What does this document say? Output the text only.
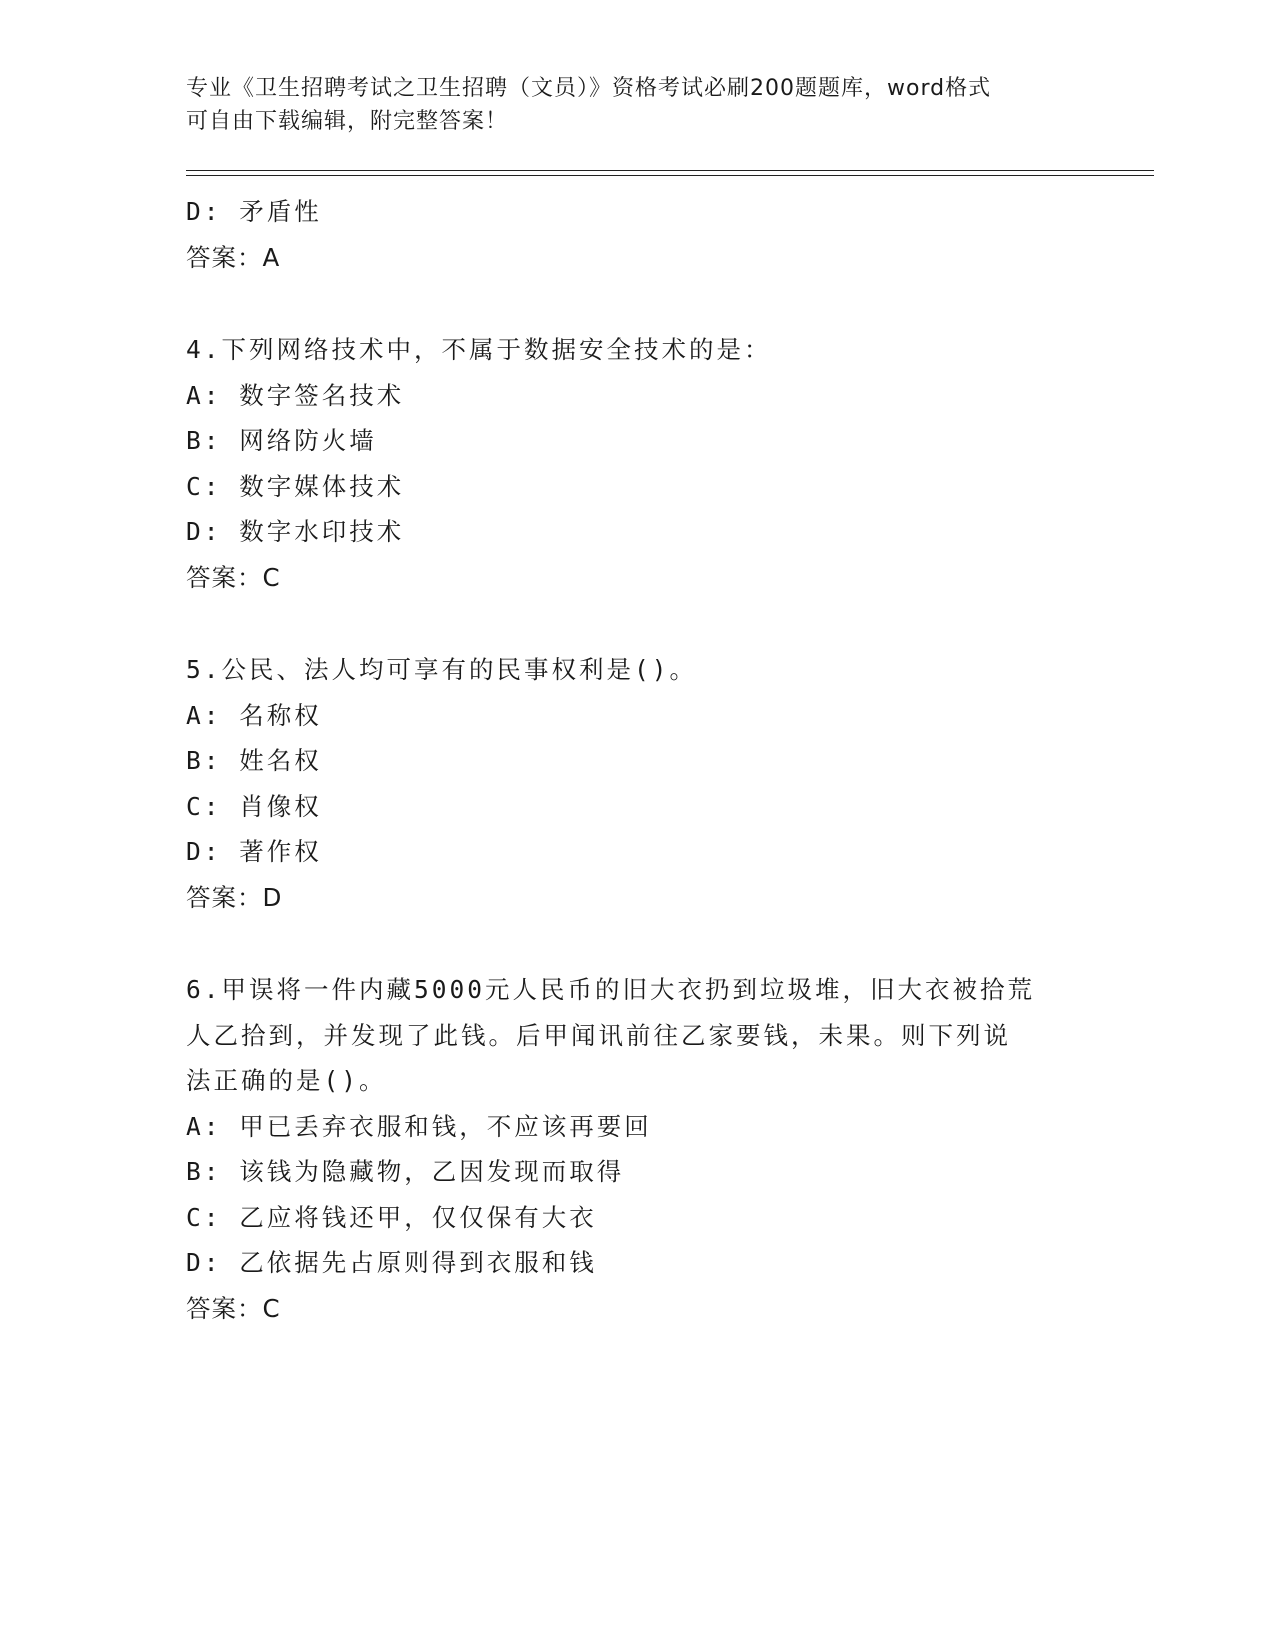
专业《卫生招聘考试之卫生招聘（文员）》资格考试必刷200题题库，word格式
可自由下载编辑，附完整答案！
D: 矛盾性
答案：A
4.下列网络技术中，不属于数据安全技术的是：
A: 数字签名技术
B: 网络防火墙
C: 数字媒体技术
D: 数字水印技术
答案：C
5.公民、法人均可享有的民事权利是()。
A: 名称权
B: 姓名权
C: 肖像权
D: 著作权
答案：D
6.甲误将一件内藏5000元人民币的旧大衣扔到垃圾堆，旧大衣被拾荒
人乙拾到，并发现了此钱。后甲闻讯前往乙家要钱，未果。则下列说
法正确的是()。
A: 甲已丢弃衣服和钱，不应该再要回
B: 该钱为隐藏物，乙因发现而取得
C: 乙应将钱还甲，仅仅保有大衣
D: 乙依据先占原则得到衣服和钱
答案：C
